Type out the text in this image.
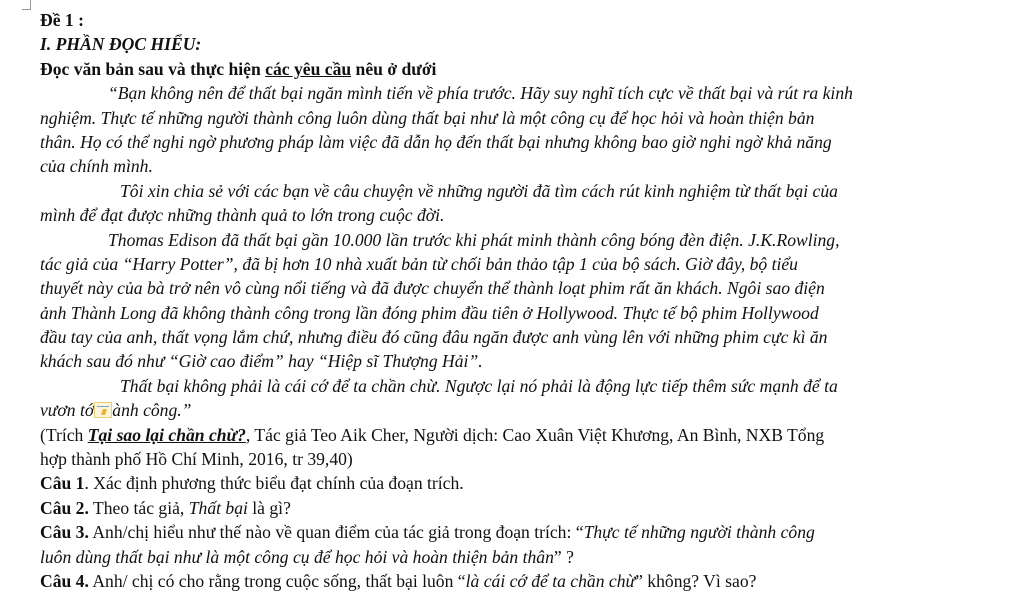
Đề 1 :
I. PHẦN ĐỌC HIỂU:
Đọc văn bản sau và thực hiện các yêu cầu nêu ở dưới
“Bạn không nên để thất bại ngăn mình tiến về phía trước. Hãy suy nghĩ tích cực về thất bại và rút ra kinh
nghiệm. Thực tế những người thành công luôn dùng thất bại như là một công cụ để học hỏi và hoàn thiện bản
thân. Họ có thể nghi ngờ phương pháp làm việc đã dẫn họ đến thất bại nhưng không bao giờ nghi ngờ khả năng
của chính mình.
Tôi xin chia sẻ với các bạn về câu chuyện về những người đã tìm cách rút kinh nghiệm từ thất bại của
mình để đạt được những thành quả to lớn trong cuộc đời.
Thomas Edison đã thất bại gần 10.000 lần trước khi phát minh thành công bóng đèn điện. J.K.Rowling,
tác giả của “Harry Potter”, đã bị hơn 10 nhà xuất bản từ chối bản thảo tập 1 của bộ sách. Giờ đây, bộ tiểu
thuyết này của bà trở nên vô cùng nổi tiếng và đã được chuyển thể thành loạt phim rất ăn khách. Ngôi sao điện
ảnh Thành Long đã không thành công trong lần đóng phim đầu tiên ở Hollywood. Thực tế bộ phim Hollywood
đầu tay của anh, thất vọng lắm chứ, nhưng điều đó cũng đâu ngăn được anh vùng lên với những phim cực kì ăn
khách sau đó như “Giờ cao điểm” hay “Hiệp sĩ Thượng Hải”.
Thất bại không phải là cái cớ để ta chần chừ. Ngược lại nó phải là động lực tiếp thêm sức mạnh để ta
vươn tớ ành công.”
(Trích Tại sao lại chần chừ?, Tác giả Teo Aik Cher, Người dịch: Cao Xuân Việt Khương, An Bình, NXB Tổng
hợp thành phố Hồ Chí Minh, 2016, tr 39,40)
Câu 1. Xác định phương thức biểu đạt chính của đoạn trích.
Câu 2. Theo tác giả, Thất bại là gì?
Câu 3. Anh/chị hiểu như thế nào về quan điểm của tác giả trong đoạn trích: “Thực tế những người thành công
luôn dùng thất bại như là một công cụ để học hỏi và hoàn thiện bản thân” ?
Câu 4. Anh/ chị có cho rằng trong cuộc sống, thất bại luôn “là cái cớ để ta chần chừ” không? Vì sao?
